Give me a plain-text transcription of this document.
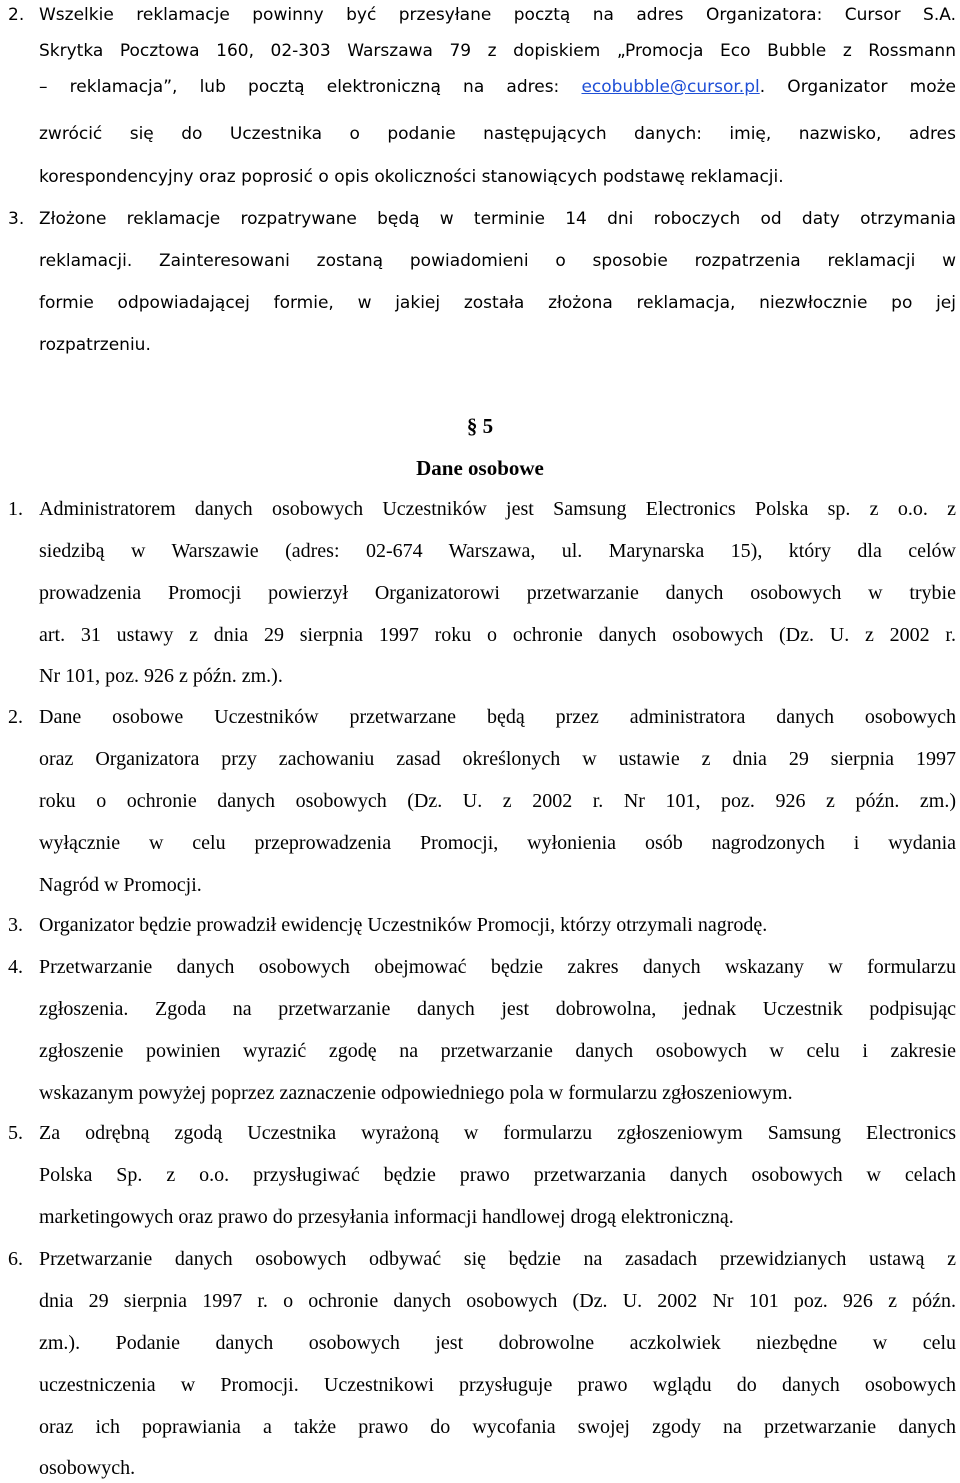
2. Wszelkie reklamacje powinny być przesyłane pocztą na adres Organizatora: Cursor S.A.
Skrytka Pocztowa 160, 02-303 Warszawa 79 z dopiskiem „Promocja Eco Bubble z Rossmann
– reklamacja”, lub pocztą elektroniczną na adres: ecobubble@cursor.pl. Organizator może
zwrócić się do Uczestnika o podanie następujących danych: imię, nazwisko, adres
korespondencyjny oraz poprosić o opis okoliczności stanowiących podstawę reklamacji.
3. Złożone reklamacje rozpatrywane będą w terminie 14 dni roboczych od daty otrzymania
reklamacji. Zainteresowani zostaną powiadomieni o sposobie rozpatrzenia reklamacji w
formie odpowiadającej formie, w jakiej została złożona reklamacja, niezwłocznie po jej
rozpatrzeniu.
§ 5
Dane osobowe
1. Administratorem danych osobowych Uczestników jest Samsung Electronics Polska sp. z o.o. z
siedzibą w Warszawie (adres: 02-674 Warszawa, ul. Marynarska 15), który dla celów
prowadzenia Promocji powierzył Organizatorowi przetwarzanie danych osobowych w trybie
art. 31 ustawy z dnia 29 sierpnia 1997 roku o ochronie danych osobowych (Dz. U. z 2002 r.
Nr 101, poz. 926 z późn. zm.).
2. Dane osobowe Uczestników przetwarzane będą przez administratora danych osobowych
oraz Organizatora przy zachowaniu zasad określonych w ustawie z dnia 29 sierpnia 1997
roku o ochronie danych osobowych (Dz. U. z 2002 r. Nr 101, poz. 926 z późn. zm.)
wyłącznie w celu przeprowadzenia Promocji, wyłonienia osób nagrodzonych i wydania
Nagród w Promocji.
3. Organizator będzie prowadził ewidencję Uczestników Promocji, którzy otrzymali nagrodę.
4. Przetwarzanie danych osobowych obejmować będzie zakres danych wskazany w formularzu
zgłoszenia. Zgoda na przetwarzanie danych jest dobrowolna, jednak Uczestnik podpisując
zgłoszenie powinien wyrazić zgodę na przetwarzanie danych osobowych w celu i zakresie
wskazanym powyżej poprzez zaznaczenie odpowiedniego pola w formularzu zgłoszeniowym.
5. Za odrębną zgodą Uczestnika wyrażoną w formularzu zgłoszeniowym Samsung Electronics
Polska Sp. z o.o. przysługiwać będzie prawo przetwarzania danych osobowych w celach
marketingowych oraz prawo do przesyłania informacji handlowej drogą elektroniczną.
6. Przetwarzanie danych osobowych odbywać się będzie na zasadach przewidzianych ustawą z
dnia 29 sierpnia 1997 r. o ochronie danych osobowych (Dz. U. 2002 Nr 101 poz. 926 z późn.
zm.). Podanie danych osobowych jest dobrowolne aczkolwiek niezbędne w celu
uczestniczenia w Promocji. Uczestnikowi przysługuje prawo wglądu do danych osobowych
oraz ich poprawiania a także prawo do wycofania swojej zgody na przetwarzanie danych
osobowych.
